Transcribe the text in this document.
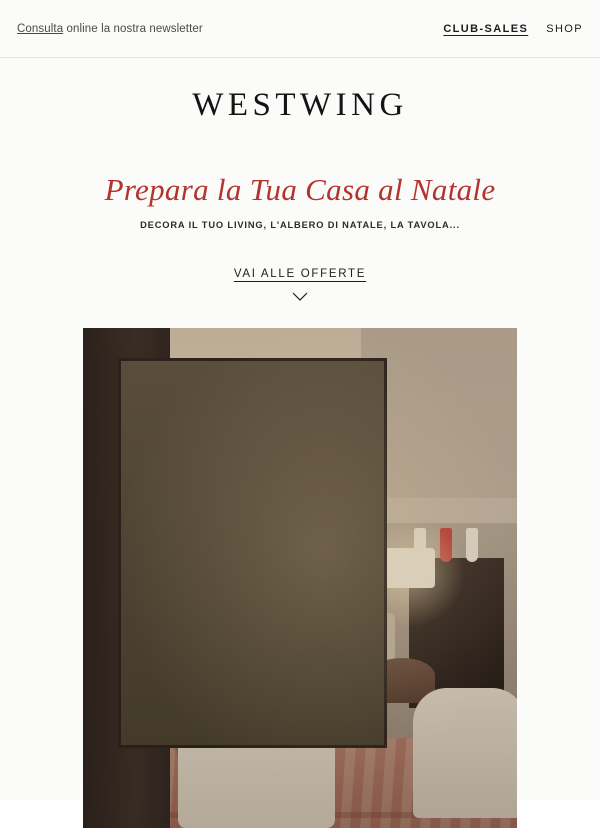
Consulta online la nostra newsletter	CLUB-SALES SHOP
WESTWING
Prepara la Tua Casa al Natale
DECORA IL TUO LIVING, L'ALBERO DI NATALE, LA TAVOLA...
VAI ALLE OFFERTE
